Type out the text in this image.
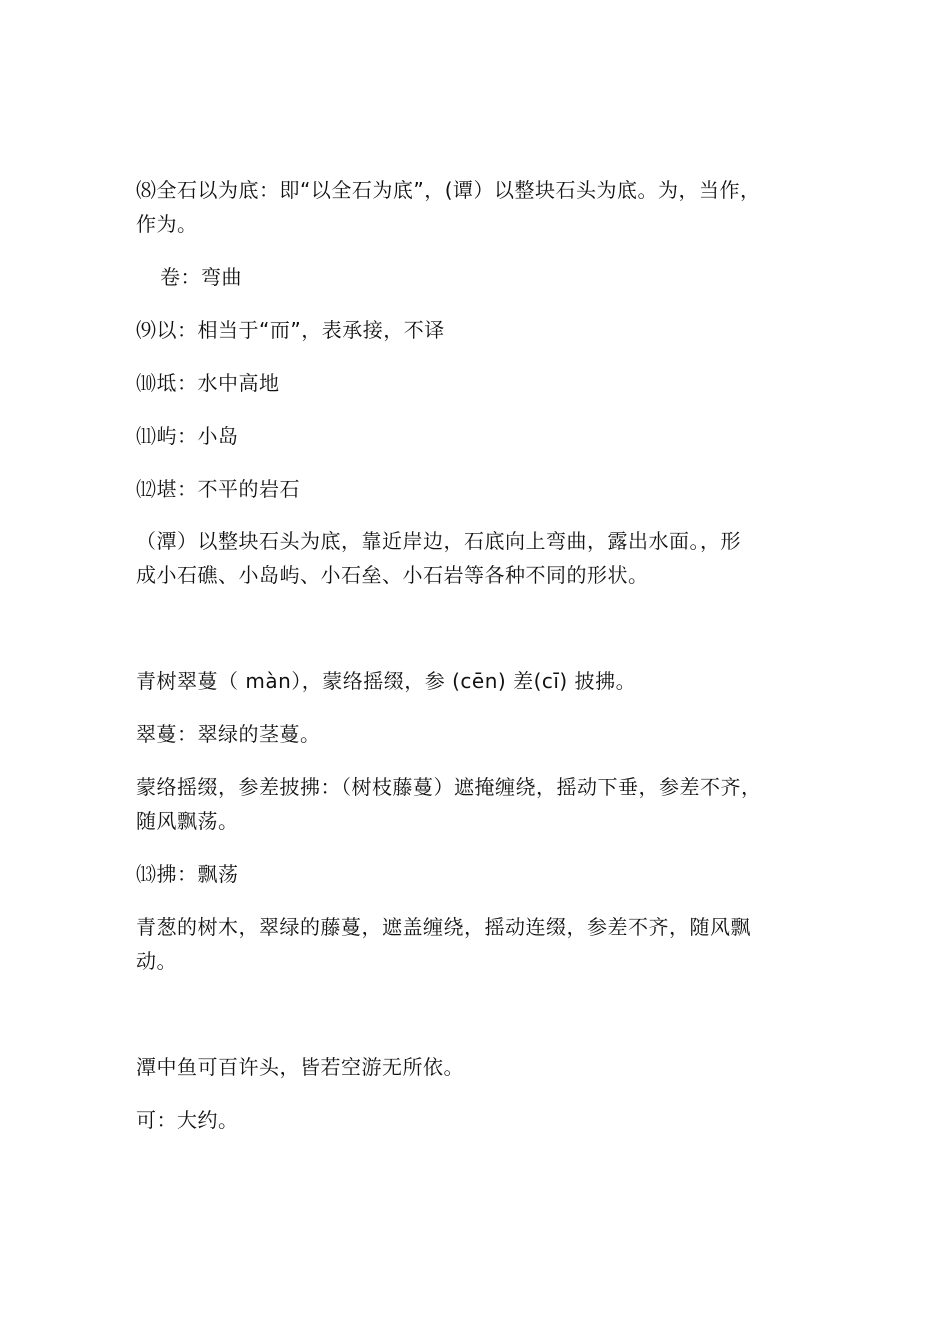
⑻全石以为底：即“以全石为底”，(谭）以整块石头为底。为，当作，
作为。
卷：弯曲
⑼以：相当于“而”，表承接，不译
⑽坻：水中高地
⑾屿：小岛
⑿堪：不平的岩石
（潭）以整块石头为底，靠近岸边，石底向上弯曲，露出水面。，形
成小石礁、小岛屿、小石垒、小石岩等各种不同的形状。
青树翠蔓（ màn），蒙络摇缀，参 (cēn) 差(cī) 披拂。
翠蔓：翠绿的茎蔓。
蒙络摇缀，参差披拂：（树枝藤蔓）遮掩缠绕，摇动下垂，参差不齐，
随风飘荡。
⒀拂：飘荡
青葱的树木，翠绿的藤蔓，遮盖缠绕，摇动连缀，参差不齐，随风飘
动。
潭中鱼可百许头，皆若空游无所依。
可：大约。
